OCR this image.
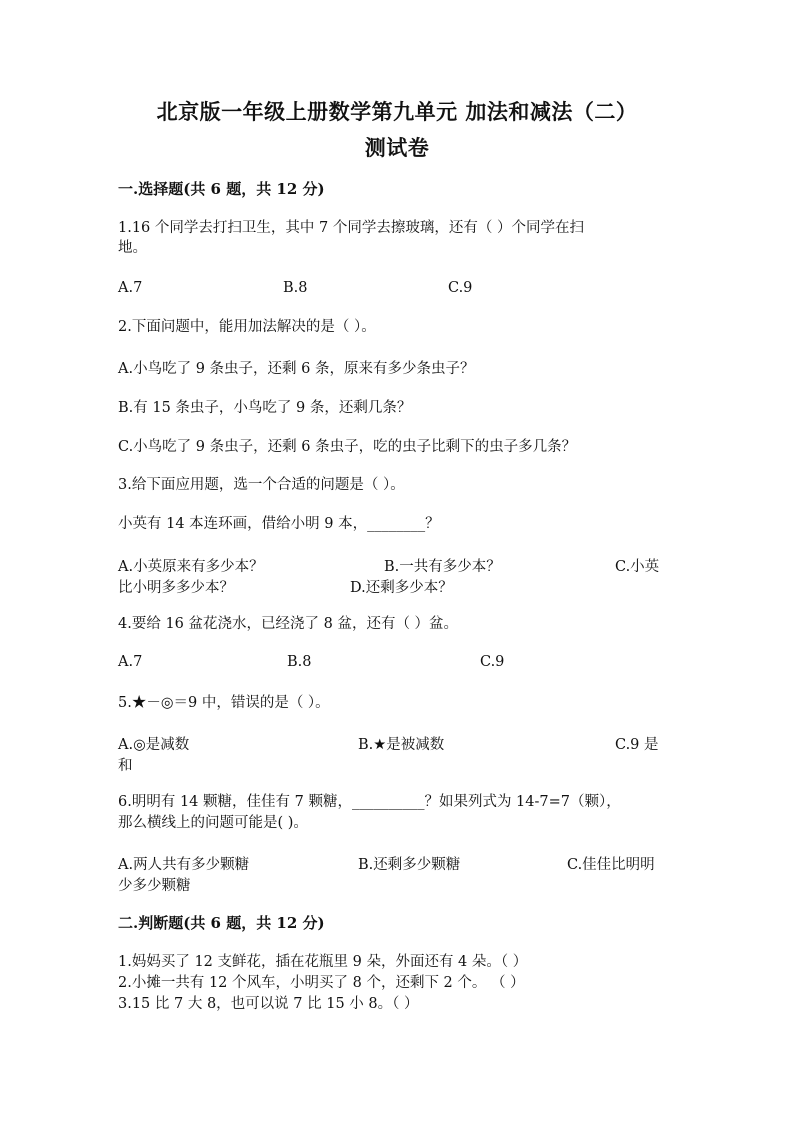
北京版一年级上册数学第九单元 加法和减法（二）
测试卷
一.选择题(共 6 题，共 12 分)
1.16 个同学去打扫卫生，其中 7 个同学去擦玻璃，还有（ ）个同学在扫
地。
A.7	B.8	C.9
2.下面问题中，能用加法解决的是（ ）。
A.小鸟吃了 9 条虫子，还剩 6 条，原来有多少条虫子？
B.有 15 条虫子，小鸟吃了 9 条，还剩几条？
C.小鸟吃了 9 条虫子，还剩 6 条虫子，吃的虫子比剩下的虫子多几条？
3.给下面应用题，选一个合适的问题是（ ）。
小英有 14 本连环画，借给小明 9 本，________？
A.小英原来有多少本？	B.一共有多少本？	C.小英
比小明多多少本？	D.还剩多少本？
4.要给 16 盆花浇水，已经浇了 8 盆，还有（ ）盆。
A.7	B.8	C.9
5.★－◎＝9 中，错误的是（ ）。
A.◎是减数	B.★是被减数	C.9 是
和
6.明明有 14 颗糖，佳佳有 7 颗糖，__________？如果列式为 14-7=7（颗），
那么横线上的问题可能是( )。
A.两人共有多少颗糖	B.还剩多少颗糖	C.佳佳比明明
少多少颗糖
二.判断题(共 6 题，共 12 分)
1.妈妈买了 12 支鲜花，插在花瓶里 9 朵，外面还有 4 朵。（ ）
2.小摊一共有 12 个风车，小明买了 8 个，还剩下 2 个。 （ ）
3.15 比 7 大 8，也可以说 7 比 15 小 8。（ ）
